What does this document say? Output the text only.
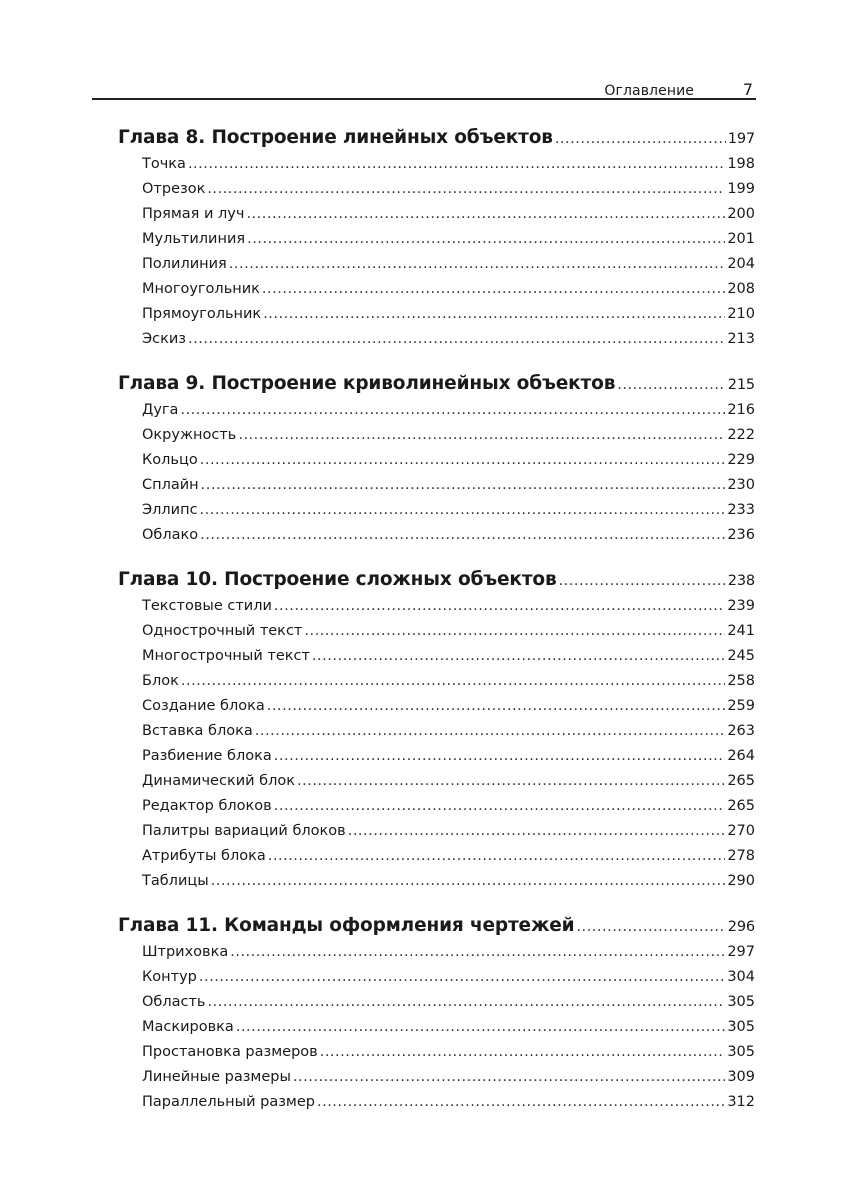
Оглавление	7
Глава 8. Построение линейных объектов .....	197
Точка .....	198
Отрезок .....	199
Прямая и луч .....	200
Мультилиния .....	201
Полилиния .....	204
Многоугольник .....	208
Прямоугольник .....	210
Эскиз .....	213
Глава 9. Построение криволинейных объектов .....	215
Дуга .....	216
Окружность .....	222
Кольцо .....	229
Сплайн .....	230
Эллипс .....	233
Облако .....	236
Глава 10. Построение сложных объектов .....	238
Текстовые стили .....	239
Однострочный текст .....	241
Многострочный текст .....	245
Блок .....	258
Создание блока .....	259
Вставка блока .....	263
Разбиение блока .....	264
Динамический блок .....	265
Редактор блоков .....	265
Палитры вариаций блоков .....	270
Атрибуты блока .....	278
Таблицы .....	290
Глава 11. Команды оформления чертежей .....	296
Штриховка .....	297
Контур .....	304
Область .....	305
Маскировка .....	305
Простановка размеров .....	305
Линейные размеры .....	309
Параллельный размер .....	312
